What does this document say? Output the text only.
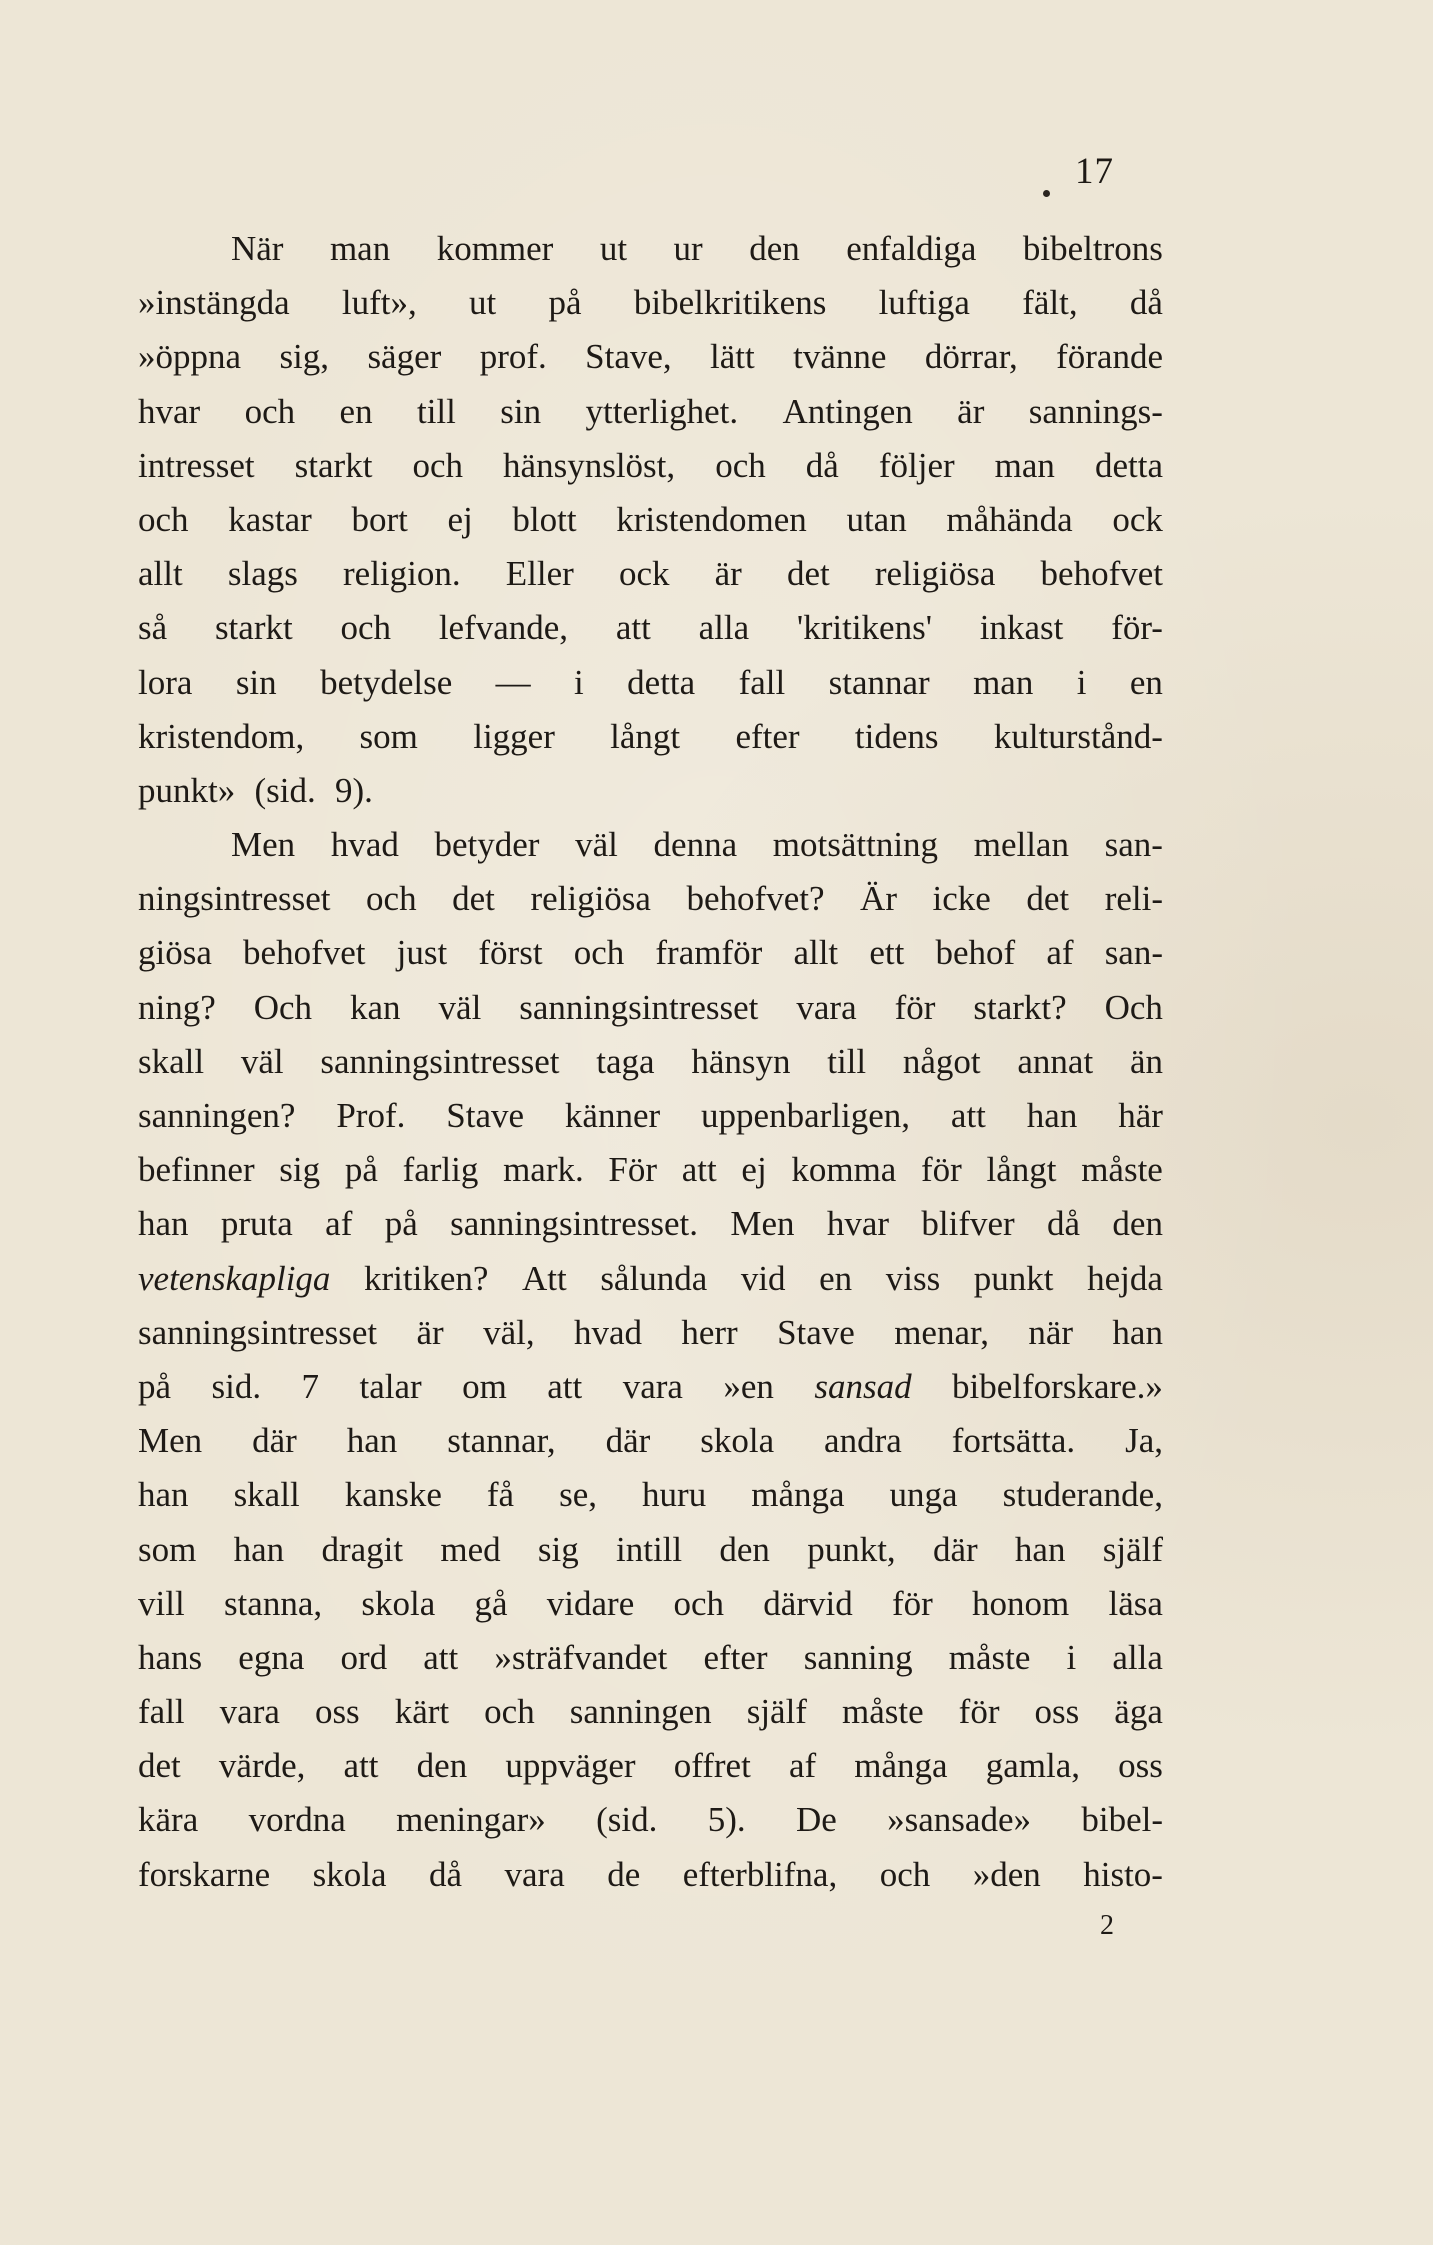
17
När man kommer ut ur den enfaldiga bibeltrons
»instängda luft», ut på bibelkritikens luftiga fält, då
»öppna sig, säger prof. Stave, lätt tvänne dörrar, förande
hvar och en till sin ytterlighet. Antingen är sannings-
intresset starkt och hänsynslöst, och då följer man detta
och kastar bort ej blott kristendomen utan måhända ock
allt slags religion. Eller ock är det religiösa behofvet
så starkt och lefvande, att alla 'kritikens' inkast för-
lora sin betydelse — i detta fall stannar man i en
kristendom, som ligger långt efter tidens kulturstånd-
punkt» (sid. 9).
Men hvad betyder väl denna motsättning mellan san-
ningsintresset och det religiösa behofvet? Är icke det reli-
giösa behofvet just först och framför allt ett behof af san-
ning? Och kan väl sanningsintresset vara för starkt? Och
skall väl sanningsintresset taga hänsyn till något annat än
sanningen? Prof. Stave känner uppenbarligen, att han här
befinner sig på farlig mark. För att ej komma för långt måste
han pruta af på sanningsintresset. Men hvar blifver då den
vetenskapliga kritiken? Att sålunda vid en viss punkt hejda
sanningsintresset är väl, hvad herr Stave menar, när han
på sid. 7 talar om att vara »en sansad bibelforskare.»
Men där han stannar, där skola andra fortsätta. Ja,
han skall kanske få se, huru många unga studerande,
som han dragit med sig intill den punkt, där han själf
vill stanna, skola gå vidare och därvid för honom läsa
hans egna ord att »sträfvandet efter sanning måste i alla
fall vara oss kärt och sanningen själf måste för oss äga
det värde, att den uppväger offret af många gamla, oss
kära vordna meningar» (sid. 5). De »sansade» bibel-
forskarne skola då vara de efterblifna, och »den histo-
2
